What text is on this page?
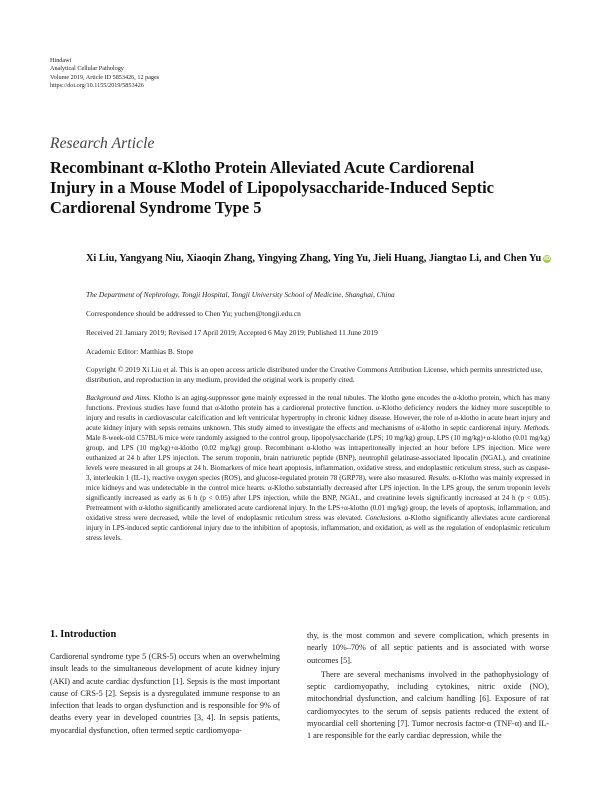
Hindawi
Analytical Cellular Pathology
Volume 2019, Article ID 5853426, 12 pages
https://doi.org/10.1155/2019/5853426
Research Article
Recombinant α-Klotho Protein Alleviated Acute Cardiorenal
Injury in a Mouse Model of Lipopolysaccharide-Induced Septic
Cardiorenal Syndrome Type 5
Xi Liu, Yangyang Niu, Xiaoqin Zhang, Yingying Zhang, Ying Yu, Jieli Huang, Jiangtao Li, and Chen Yu iD
The Department of Nephrology, Tongji Hospital, Tongji University School of Medicine, Shanghai, China
Correspondence should be addressed to Chen Yu; yuchen@tongji.edu.cn
Received 21 January 2019; Revised 17 April 2019; Accepted 6 May 2019; Published 11 June 2019
Academic Editor: Matthias B. Stope
Copyright © 2019 Xi Liu et al. This is an open access article distributed under the Creative Commons Attribution License, which permits unrestricted use, distribution, and reproduction in any medium, provided the original work is properly cited.
Background and Aims. Klotho is an aging-suppressor gene mainly expressed in the renal tubules. The klotho gene encodes the α-klotho protein, which has many functions. Previous studies have found that α-klotho protein has a cardiorenal protective function. α-Klotho deficiency renders the kidney more susceptible to injury and results in cardiovascular calcification and left ventricular hypertrophy in chronic kidney disease. However, the role of α-klotho in acute heart injury and acute kidney injury with sepsis remains unknown. This study aimed to investigate the effects and mechanisms of α-klotho in septic cardiorenal injury. Methods. Male 8-week-old C57BL/6 mice were randomly assigned to the control group, lipopolysaccharide (LPS; 10 mg/kg) group, LPS (10 mg/kg)+α-klotho (0.01 mg/kg) group, and LPS (10 mg/kg)+α-klotho (0.02 mg/kg) group. Recombinant α-klotho was intraperitoneally injected an hour before LPS injection. Mice were euthanized at 24 h after LPS injection. The serum troponin, brain natriuretic peptide (BNP), neutrophil gelatinase-associated lipocalin (NGAL), and creatinine levels were measured in all groups at 24 h. Biomarkers of mice heart apoptosis, inflammation, oxidative stress, and endoplasmic reticulum stress, such as caspase-3, interleukin 1 (IL-1), reactive oxygen species (ROS), and glucose-regulated protein 78 (GRP78), were also measured. Results. α-Klotho was mainly expressed in mice kidneys and was undetectable in the control mice hearts. α-Klotho substantially decreased after LPS injection. In the LPS group, the serum troponin levels significantly increased as early as 6 h (p < 0.05) after LPS injection, while the BNP, NGAL, and creatinine levels significantly increased at 24 h (p < 0.05). Pretreatment with α-klotho significantly ameliorated acute cardiorenal injury. In the LPS+α-klotho (0.01 mg/kg) group, the levels of apoptosis, inflammation, and oxidative stress were decreased, while the level of endoplasmic reticulum stress was elevated. Conclusions. α-Klotho significantly alleviates acute cardiorenal injury in LPS-induced septic cardiorenal injury due to the inhibition of apoptosis, inflammation, and oxidation, as well as the regulation of endoplasmic reticulum stress levels.
1. Introduction

Cardiorenal syndrome type 5 (CRS-5) occurs when an overwhelming insult leads to the simultaneous development of acute kidney injury (AKI) and acute cardiac dysfunction [1]. Sepsis is the most important cause of CRS-5 [2]. Sepsis is a dysregulated immune response to an infection that leads to organ dysfunction and is responsible for 9% of deaths every year in developed countries [3, 4]. In sepsis patients, myocardial dysfunction, often termed septic cardiomyopa-

thy, is the most common and severe complication, which presents in nearly 10%–70% of all septic patients and is associated with worse outcomes [5].

There are several mechanisms involved in the pathophysiology of septic cardiomyopathy, including cytokines, nitric oxide (NO), mitochondrial dysfunction, and calcium handling [6]. Exposure of rat cardiomyocytes to the serum of sepsis patients reduced the extent of myocardial cell shortening [7]. Tumor necrosis factor-α (TNF-α) and IL-1 are responsible for the early cardiac depression, while the
